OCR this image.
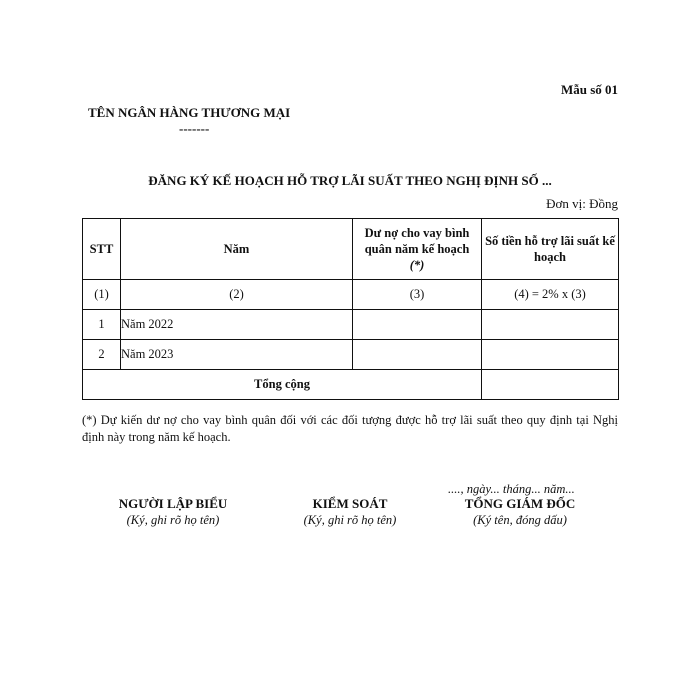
Mẫu số 01
TÊN NGÂN HÀNG THƯƠNG MẠI
-------
ĐĂNG KÝ KẾ HOẠCH HỖ TRỢ LÃI SUẤT THEO NGHỊ ĐỊNH SỐ ...
Đơn vị: Đồng
STT	Năm	Dư nợ cho vay bình quân năm kế hoạch (*)	Số tiền hỗ trợ lãi suất kế hoạch
(1)	(2)	(3)	(4) = 2% x (3)
1	Năm 2022		
2	Năm 2023		
Tổng cộng			
(*) Dự kiến dư nợ cho vay bình quân đối với các đối tượng được hỗ trợ lãi suất theo quy định tại Nghị định này trong năm kế hoạch.
...., ngày... tháng... năm...
NGƯỜI LẬP BIỂU
(Ký, ghi rõ họ tên)
KIỂM SOÁT
(Ký, ghi rõ họ tên)
TỔNG GIÁM ĐỐC
(Ký tên, đóng dấu)
